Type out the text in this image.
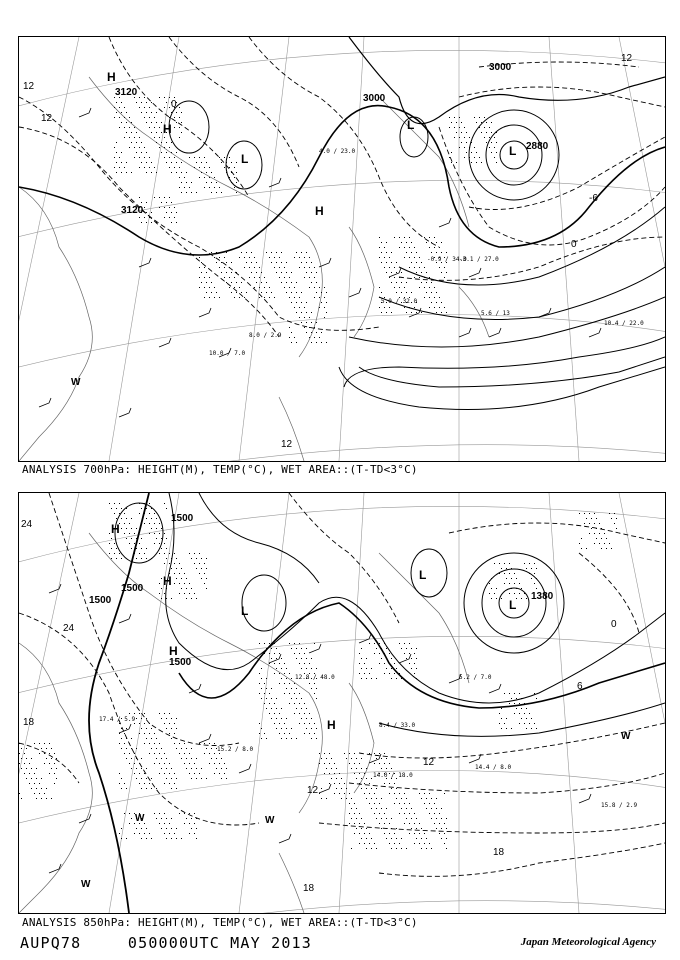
3120
3120
3000
3000
2880
12
12
0
-6
0
12
12
H
H
L
H
L
L
W
10.4 / 22.0
5.6 / 13
5.0 / 32.0
10.0 / 7.0
8.0 / 2.9
-3.1 / 27.0
-0.9 / 34.0
4.0 / 23.0
ANALYSIS 700hPa: HEIGHT(M), TEMP(°C), WET AREA::(T-TD<3°C)
1500
1500
1500
1500
1380
24
24
18
12
6
0
18
18
12
H
H
L
H
L
L
H
W
W
W
W
15.8 / 2.9
14.4 / 8.0
14.0 / 18.0
12.8 / 48.0
8.4 / 33.0
5.2 / 7.0
17.4 / 5.9
15.2 / 8.0
ANALYSIS 850hPa: HEIGHT(M), TEMP(°C), WET AREA::(T-TD<3°C)
AUPQ78	050000UTC MAY 2013	Japan Meteorological Agency
